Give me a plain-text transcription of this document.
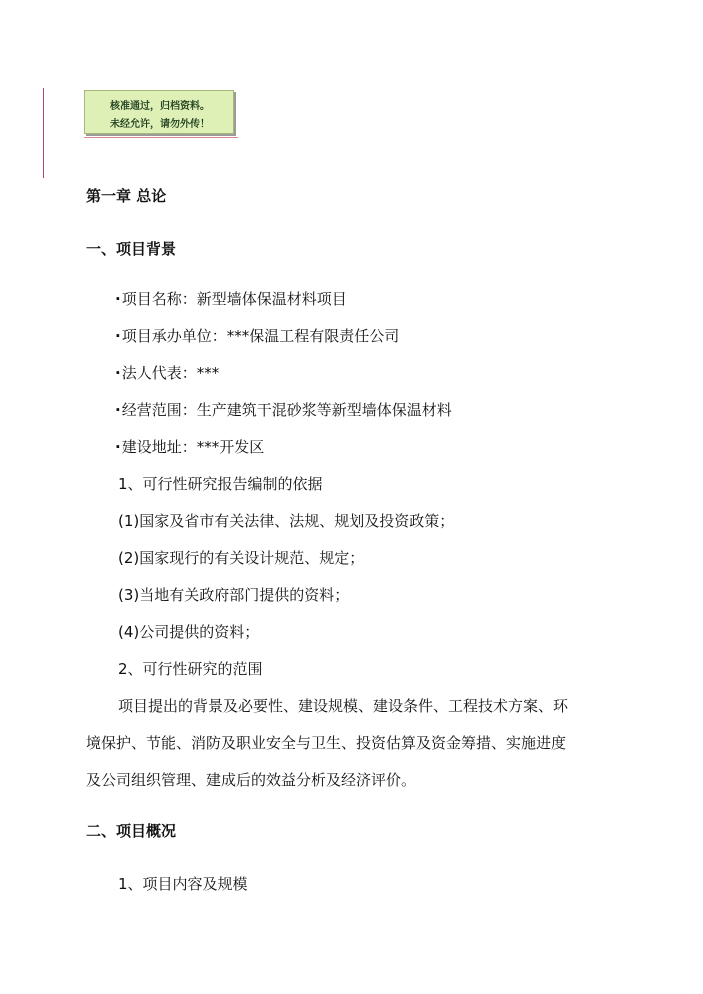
核准通过，归档资料。
未经允许，请勿外传！
第一章 总论
一、项目背景
·项目名称：新型墙体保温材料项目
·项目承办单位：***保温工程有限责任公司
·法人代表：***
·经营范围：生产建筑干混砂浆等新型墙体保温材料
·建设地址：***开发区
1、可行性研究报告编制的依据
(1)国家及省市有关法律、法规、规划及投资政策；
(2)国家现行的有关设计规范、规定；
(3)当地有关政府部门提供的资料；
(4)公司提供的资料；
2、可行性研究的范围
项目提出的背景及必要性、建设规模、建设条件、工程技术方案、环
境保护、节能、消防及职业安全与卫生、投资估算及资金筹措、实施进度
及公司组织管理、建成后的效益分析及经济评价。
二、项目概况
1、项目内容及规模
